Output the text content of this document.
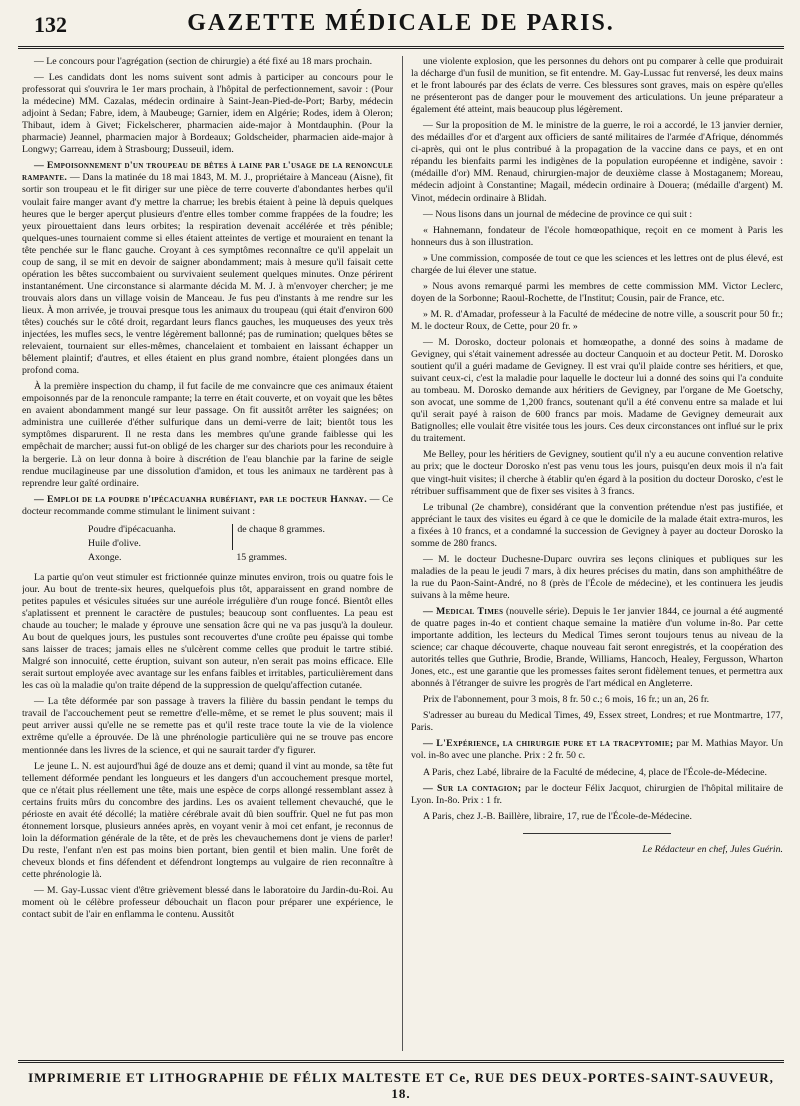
132	GAZETTE MÉDICALE DE PARIS.

— Le concours pour l'agrégation (section de chirurgie) a été fixé au 18 mars prochain.

— Les candidats dont les noms suivent sont admis à participer au concours pour le professorat qui s'ouvrira le 1er mars prochain, à l'hôpital de perfectionnement, savoir : (Pour la médecine) MM. Cazalas, médecin ordinaire à Saint-Jean-Pied-de-Port; Barby, médecin adjoint à Sedan; Fabre, idem, à Maubeuge; Garnier, idem en Algérie; Rodes, idem à Oleron; Thibaut, idem à Givet; Fickelscherer, pharmacien aide-major à Montdauphin. (Pour la pharmacie) Jeannel, pharmacien major à Bordeaux; Goldscheider, pharmacien aide-major à Longwy; Garreau, idem à Strasbourg; Dusseuil, idem.

— Empoisonnement d'un troupeau de bêtes à laine par l'usage de la renoncule rampante. — Dans la matinée du 18 mai 1843, M. M. J., propriétaire à Manceau (Aisne), fit sortir son troupeau et le fit diriger sur une pièce de terre couverte d'abondantes herbes qu'il voulait faire manger avant d'y mettre la charrue; les brebis étaient à peine là depuis quelques heures que le berger aperçut plusieurs d'entre elles tomber comme frappées de la foudre; les yeux pirouettaient dans leurs orbites; la respiration devenait accélérée et très pénible; quelques-unes tournaient comme si elles étaient atteintes de vertige et mouraient en tenant la tête penchée sur le flanc gauche. Croyant à ces symptômes reconnaître ce qu'il appelait un coup de sang, il se mit en devoir de saigner abondamment; mais à mesure qu'il faisait cette opération les bêtes succombaient ou survivaient seulement quelques minutes. Onze périrent instantanément. Une circonstance si alarmante décida M. M. J. à m'envoyer chercher; je me trouvais alors dans un village voisin de Manceau. Je fus peu d'instants à me rendre sur les lieux. À mon arrivée, je trouvai presque tous les animaux du troupeau (qui était d'environ 600 têtes) couchés sur le côté droit, regardant leurs flancs gauches, les muqueuses des yeux très injectées, les mufles secs, le ventre légèrement ballonné; pas de rumination; quelques bêtes se relevaient, tournaient sur elles-mêmes, chancelaient et tombaient en laissant échapper un bêlement plaintif; d'autres, et elles étaient en plus grand nombre, étaient plongées dans un profond coma.

À la première inspection du champ, il fut facile de me convaincre que ces animaux étaient empoisonnés par de la renoncule rampante; la terre en était couverte, et on voyait que les bêtes en avaient abondamment mangé sur leur passage. On fit aussitôt arrêter les saignées; on administra une cuillerée d'éther sulfurique dans un demi-verre de lait; bientôt tous les symptômes disparurent. Il ne resta dans les membres qu'une grande faiblesse qui les empêchait de marcher; aussi fut-on obligé de les charger sur des chariots pour les reconduire à la bergerie. Là on leur donna à boire à discrétion de l'eau blanchie par la farine de seigle rendue mucilagineuse par une dissolution d'amidon, et tous les animaux ne tardèrent pas à reprendre leur gaîté ordinaire.

— Emploi de la poudre d'ipécacuanha rubéfiant, par le docteur Hannay. — Ce docteur recommande comme stimulant le liniment suivant :

Poudre d'ipécacuanha.	de chaque 8 grammes.
Huile d'olive.	
Axonge.	15 grammes.

La partie qu'on veut stimuler est frictionnée quinze minutes environ, trois ou quatre fois le jour. Au bout de trente-six heures, quelquefois plus tôt, apparaissent en grand nombre de petites papules et vésicules situées sur une auréole irrégulière d'un rouge foncé. Bientôt elles s'aplatissent et prennent le caractère de pustules; beaucoup sont confluentes. La peau est chaude au toucher; le malade y éprouve une sensation âcre qui ne va pas jusqu'à la douleur. Au bout de quelques jours, les pustules sont recouvertes d'une croûte peu épaisse qui tombe sans laisser de traces; jamais elles ne s'ulcèrent comme celles que produit le tartre stibié. Malgré son innocuité, cette éruption, suivant son auteur, n'en serait pas moins efficace. Elle serait surtout employée avec avantage sur les enfans faibles et irritables, particulièrement dans les cas où la maladie qu'on traite dépend de la suppression de quelqu'affection cutanée.

— La tête déformée par son passage à travers la filière du bassin pendant le temps du travail de l'accouchement peut se remettre d'elle-même, et se remet le plus souvent; mais il peut arriver aussi qu'elle ne se remette pas et qu'il reste trace toute la vie de la violence extrême qu'elle a éprouvée. De là une phrénologie particulière qui ne se trouve pas encore mentionnée dans les livres de la science, et qui ne saurait tarder d'y figurer.

Le jeune L. N. est aujourd'hui âgé de douze ans et demi; quand il vint au monde, sa tête fut tellement déformée pendant les longueurs et les dangers d'un accouchement presque mortel, que ce n'était plus réellement une tête, mais une espèce de corps allongé ressemblant assez à certains fruits mûrs du concombre des jardins. Les os avaient tellement chevauché, que le périoste en avait été décollé; la matière cérébrale avait dû bien souffrir. Quel ne fut pas mon étonnement lorsque, plusieurs années après, en voyant venir à moi cet enfant, je reconnus de loin la déformation générale de la tête, et de près les chevauchemens dont je viens de parler! Du reste, l'enfant n'en est pas moins bien portant, bien gentil et bien malin. Une forêt de cheveux blonds et fins défendent et défendront longtemps au vulgaire de rien reconnaître à cette phrénologie là.

— M. Gay-Lussac vient d'être grièvement blessé dans le laboratoire du Jardin-du-Roi. Au moment où le célèbre professeur débouchait un flacon pour préparer une expérience, le contact subit de l'air en enflamma le contenu. Aussitôt

une violente explosion, que les personnes du dehors ont pu comparer à celle que produirait la décharge d'un fusil de munition, se fit entendre. M. Gay-Lussac fut renversé, les deux mains et le front labourés par des éclats de verre. Ces blessures sont graves, mais on espère qu'elles ne présenteront pas de danger pour le mouvement des articulations. Un jeune préparateur a également été atteint, mais beaucoup plus légèrement.

— Sur la proposition de M. le ministre de la guerre, le roi a accordé, le 13 janvier dernier, des médailles d'or et d'argent aux officiers de santé militaires de l'armée d'Afrique, dénommés ci-après, qui ont le plus contribué à la propagation de la vaccine dans ce pays, et en ont répandu les bienfaits parmi les indigènes de la population européenne et indigène, savoir : (médaille d'or) MM. Renaud, chirurgien-major de deuxième classe à Mostaganem; Moreau, médecin adjoint à Constantine; Magail, médecin ordinaire à Douera; (médaille d'argent) M. Vinot, médecin ordinaire à Blidah.

— Nous lisons dans un journal de médecine de province ce qui suit :

« Hahnemann, fondateur de l'école homœopathique, reçoit en ce moment à Paris les honneurs dus à son illustration.

» Une commission, composée de tout ce que les sciences et les lettres ont de plus élevé, est chargée de lui élever une statue.

» Nous avons remarqué parmi les membres de cette commission MM. Victor Leclerc, doyen de la Sorbonne; Raoul-Rochette, de l'Institut; Cousin, pair de France, etc.

» M. R. d'Amadar, professeur à la Faculté de médecine de notre ville, a souscrit pour 50 fr.; M. le docteur Roux, de Cette, pour 20 fr. »

— M. Dorosko, docteur polonais et homœopathe, a donné des soins à madame de Gevigney, qui s'était vainement adressée au docteur Canquoin et au docteur Petit. M. Dorosko soutient qu'il a guéri madame de Gevigney. Il est vrai qu'il plaide contre ses héritiers, et que, suivant ceux-ci, c'est la maladie pour laquelle le docteur lui a donné des soins qui l'a conduite au tombeau. M. Dorosko demande aux héritiers de Gevigney, par l'organe de Me Goetschy, son avocat, une somme de 1,200 francs, soutenant qu'il a été convenu entre sa malade et lui qu'il serait payé à raison de 600 francs par mois. Madame de Gevigney demeurait aux Batignolles; elle voulait être visitée tous les jours. Ces deux circonstances ont influé sur le prix du traitement.

Me Belley, pour les héritiers de Gevigney, soutient qu'il n'y a eu aucune convention relative au prix; que le docteur Dorosko n'est pas venu tous les jours, puisqu'en deux mois il n'a fait que vingt-huit visites; il cherche à établir qu'en égard à la position du docteur Dorosko, c'est le rétribuer suffisamment que de fixer ses visites à 3 francs.

Le tribunal (2e chambre), considérant que la convention prétendue n'est pas justifiée, et appréciant le taux des visites eu égard à ce que le domicile de la malade était extra-muros, les a fixées à 10 francs, et a condamné la succession de Gevigney à payer au docteur Dorosko la somme de 280 francs.

— M. le docteur Duchesne-Duparc ouvrira ses leçons cliniques et publiques sur les maladies de la peau le jeudi 7 mars, à dix heures précises du matin, dans son amphithéâtre de la rue du Paon-Saint-André, no 8 (près de l'École de médecine), et les continuera les jeudis suivans à la même heure.

— Medical Times (nouvelle série). Depuis le 1er janvier 1844, ce journal a été augmenté de quatre pages in-4o et contient chaque semaine la matière d'un volume in-8o. Par cette importante addition, les lecteurs du Medical Times seront toujours tenus au niveau de la science; car chaque découverte, chaque nouveau fait seront enregistrés, et la coopération des autorités telles que Guthrie, Brodie, Brande, Williams, Hancoch, Healey, Fergusson, Wharton Jones, etc., est une garantie que les promesses faites seront fidèlement tenues, et permettra aux abonnés à l'étranger de suivre les progrès de l'art médical en Angleterre.

Prix de l'abonnement, pour 3 mois, 8 fr. 50 c.; 6 mois, 16 fr.; un an, 26 fr.

S'adresser au bureau du Medical Times, 49, Essex street, Londres; et rue Montmartre, 177, Paris.

— L'Expérience, la chirurgie pure et la tracpytomie; par M. Mathias Mayor. Un vol. in-8o avec une planche. Prix : 2 fr. 50 c.

A Paris, chez Labé, libraire de la Faculté de médecine, 4, place de l'École-de-Médecine.

— Sur la contagion; par le docteur Félix Jacquot, chirurgien de l'hôpital militaire de Lyon. In-8o. Prix : 1 fr.

A Paris, chez J.-B. Baillère, libraire, 17, rue de l'École-de-Médecine.

Le Rédacteur en chef, Jules Guérin.
IMPRIMERIE ET LITHOGRAPHIE DE FÉLIX MALTESTE ET Ce, RUE DES DEUX-PORTES-SAINT-SAUVEUR, 18.
